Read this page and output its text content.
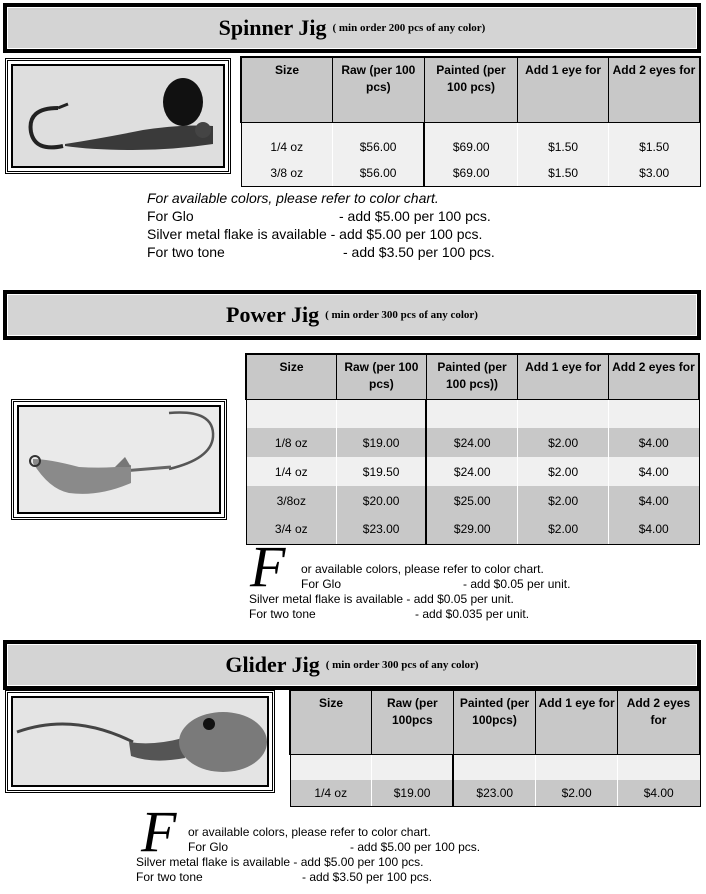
Spinner Jig ( min order 200 pcs of any color)
Size	Raw (per 100 pcs)	Painted (per 100 pcs)	Add 1 eye for	Add 2 eyes for

1/4 oz	$56.00	$69.00	$1.50	$1.50
3/8 oz	$56.00	$69.00	$1.50	$3.00
For available colors, please refer to color chart.
For Glo	- add $5.00 per 100 pcs.
Silver metal flake is available - add $5.00 per 100 pcs.
For two tone	- add $3.50 per 100 pcs.
Power Jig ( min order 300 pcs of any color)
Size	Raw (per 100 pcs)	Painted (per 100 pcs))	Add 1 eye for	Add 2 eyes for

1/8 oz	$19.00	$24.00	$2.00	$4.00
1/4 oz	$19.50	$24.00	$2.00	$4.00
3/8oz	$20.00	$25.00	$2.00	$4.00
3/4 oz	$23.00	$29.00	$2.00	$4.00
F or available colors, please refer to color chart.
For Glo	- add $0.05 per unit.
Silver metal flake is available - add $0.05 per unit.
For two tone	- add $0.035 per unit.
Glider Jig ( min order 300 pcs of any color)
Size	Raw (per 100pcs	Painted (per 100pcs)	Add 1 eye for	Add 2 eyes for

1/4 oz	$19.00	$23.00	$2.00	$4.00
F or available colors, please refer to color chart.
For Glo	- add $5.00 per 100 pcs.
Silver metal flake is available - add $5.00 per 100 pcs.
For two tone	- add $3.50 per 100 pcs.
